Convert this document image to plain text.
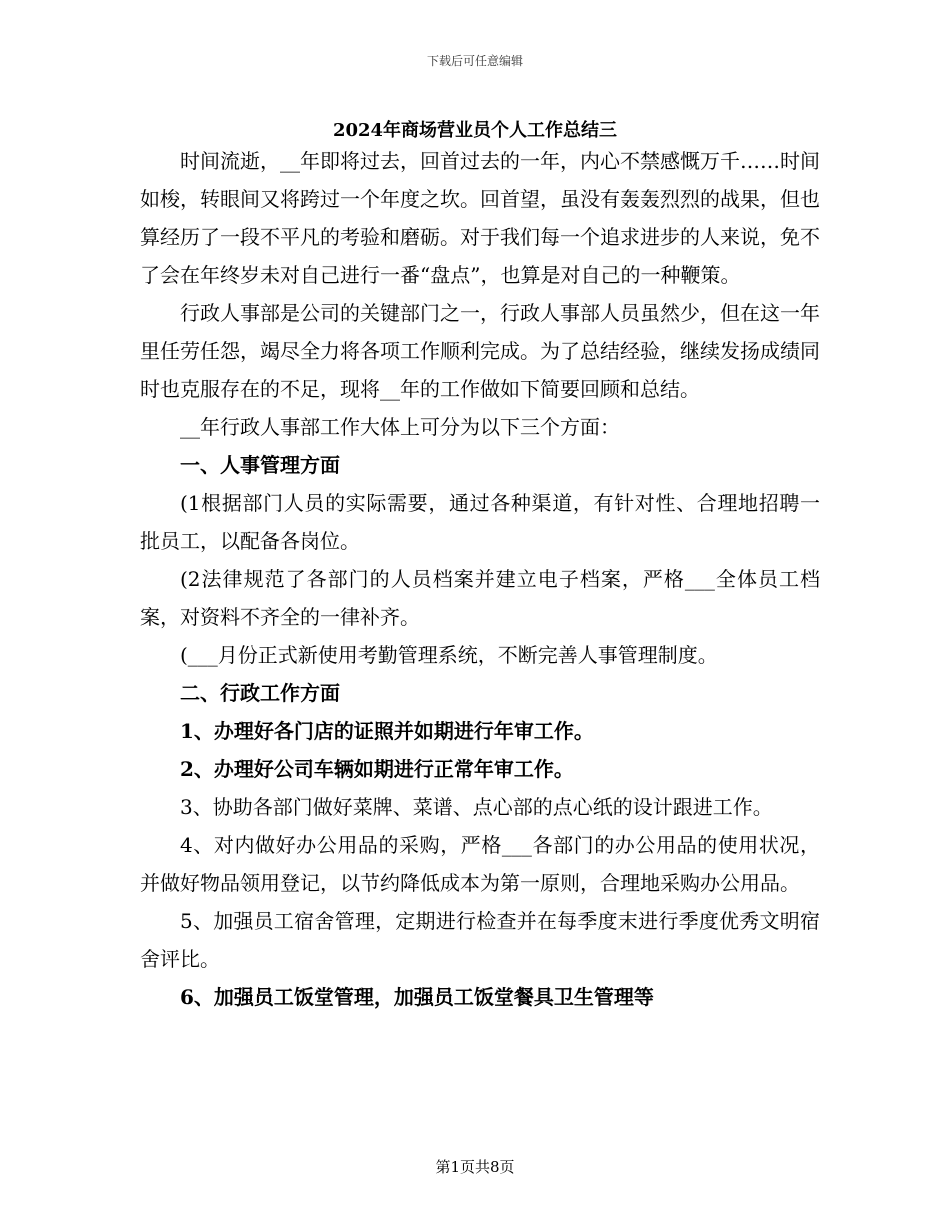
下载后可任意编辑
2024年商场营业员个人工作总结三

时间流逝，__年即将过去，回首过去的一年，内心不禁感慨万千……时间如梭，转眼间又将跨过一个年度之坎。回首望，虽没有轰轰烈烈的战果，但也算经历了一段不平凡的考验和磨砺。对于我们每一个追求进步的人来说，免不了会在年终岁未对自己进行一番“盘点”，也算是对自己的一种鞭策。

行政人事部是公司的关键部门之一，行政人事部人员虽然少，但在这一年里任劳任怨，竭尽全力将各项工作顺利完成。为了总结经验，继续发扬成绩同时也克服存在的不足，现将__年的工作做如下简要回顾和总结。

__年行政人事部工作大体上可分为以下三个方面：

一、人事管理方面

(1根据部门人员的实际需要，通过各种渠道，有针对性、合理地招聘一批员工，以配备各岗位。

(2法律规范了各部门的人员档案并建立电子档案，严格___全体员工档案，对资料不齐全的一律补齐。

(___月份正式新使用考勤管理系统，不断完善人事管理制度。

二、行政工作方面

1、办理好各门店的证照并如期进行年审工作。

2、办理好公司车辆如期进行正常年审工作。

3、协助各部门做好菜牌、菜谱、点心部的点心纸的设计跟进工作。

4、对内做好办公用品的采购，严格___各部门的办公用品的使用状况，并做好物品领用登记，以节约降低成本为第一原则，合理地采购办公用品。

5、加强员工宿舍管理，定期进行检查并在每季度末进行季度优秀文明宿舍评比。

6、加强员工饭堂管理，加强员工饭堂餐具卫生管理等

第1页共8页
